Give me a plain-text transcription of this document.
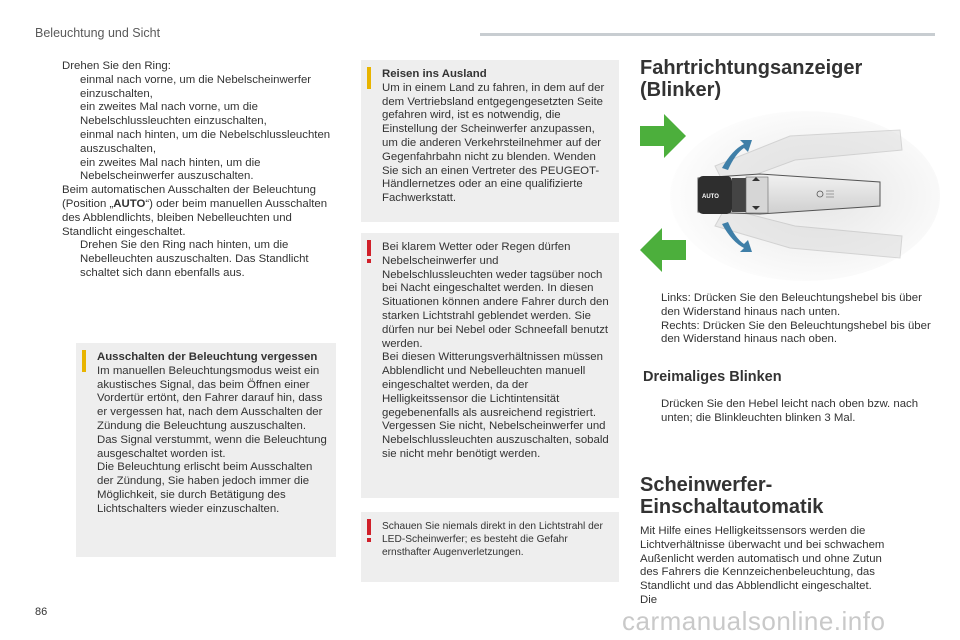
Beleuchtung und Sicht
Drehen Sie den Ring:
einmal nach vorne, um die Nebelscheinwerfer einzuschalten,
ein zweites Mal nach vorne, um die Nebelschlussleuchten einzuschalten,
einmal nach hinten, um die Nebelschlussleuchten auszuschalten,
ein zweites Mal nach hinten, um die Nebelscheinwerfer auszuschalten.
Beim automatischen Ausschalten der Beleuchtung (Position „AUTO“) oder beim manuellen Ausschalten des Abblendlichts, bleiben Nebelleuchten und Standlicht eingeschaltet.
Drehen Sie den Ring nach hinten, um die Nebelleuchten auszuschalten. Das Standlicht schaltet sich dann ebenfalls aus.
Ausschalten der Beleuchtung vergessen
Im manuellen Beleuchtungsmodus weist ein akustisches Signal, das beim Öffnen einer Vordertür ertönt, den Fahrer darauf hin, dass er vergessen hat, nach dem Ausschalten der Zündung die Beleuchtung auszuschalten.
Das Signal verstummt, wenn die Beleuchtung ausgeschaltet worden ist.
Die Beleuchtung erlischt beim Ausschalten der Zündung, Sie haben jedoch immer die Möglichkeit, sie durch Betätigung des Lichtschalters wieder einzuschalten.
Reisen ins Ausland
Um in einem Land zu fahren, in dem auf der dem Vertriebsland entgegengesetzten Seite gefahren wird, ist es notwendig, die Einstellung der Scheinwerfer anzupassen, um die anderen Verkehrsteilnehmer auf der Gegenfahrbahn nicht zu blenden. Wenden Sie sich an einen Vertreter des PEUGEOT-Händlernetzes oder an eine qualifizierte Fachwerkstatt.
Bei klarem Wetter oder Regen dürfen Nebelscheinwerfer und Nebelschlussleuchten weder tagsüber noch bei Nacht eingeschaltet werden. In diesen Situationen können andere Fahrer durch den starken Lichtstrahl geblendet werden. Sie dürfen nur bei Nebel oder Schneefall benutzt werden.
Bei diesen Witterungsverhältnissen müssen Abblendlicht und Nebelleuchten manuell eingeschaltet werden, da der Helligkeitssensor die Lichtintensität gegebenenfalls als ausreichend registriert.
Vergessen Sie nicht, Nebelscheinwerfer und Nebelschlussleuchten auszuschalten, sobald sie nicht mehr benötigt werden.
Schauen Sie niemals direkt in den Lichtstrahl der LED-Scheinwerfer; es besteht die Gefahr ernsthafter Augenverletzungen.
Fahrtrichtungsanzeiger (Blinker)
AUTO
Links: Drücken Sie den Beleuchtungshebel bis über den Widerstand hinaus nach unten.
Rechts: Drücken Sie den Beleuchtungshebel bis über den Widerstand hinaus nach oben.
Dreimaliges Blinken
Drücken Sie den Hebel leicht nach oben bzw. nach unten; die Blinkleuchten blinken 3 Mal.
Scheinwerfer-Einschaltautomatik
Mit Hilfe eines Helligkeitssensors werden die Lichtverhältnisse überwacht und bei schwachem Außenlicht werden automatisch und ohne Zutun des Fahrers die Kennzeichenbeleuchtung, das Standlicht und das Abblendlicht eingeschaltet. Die
86	carmanualsonline.info
